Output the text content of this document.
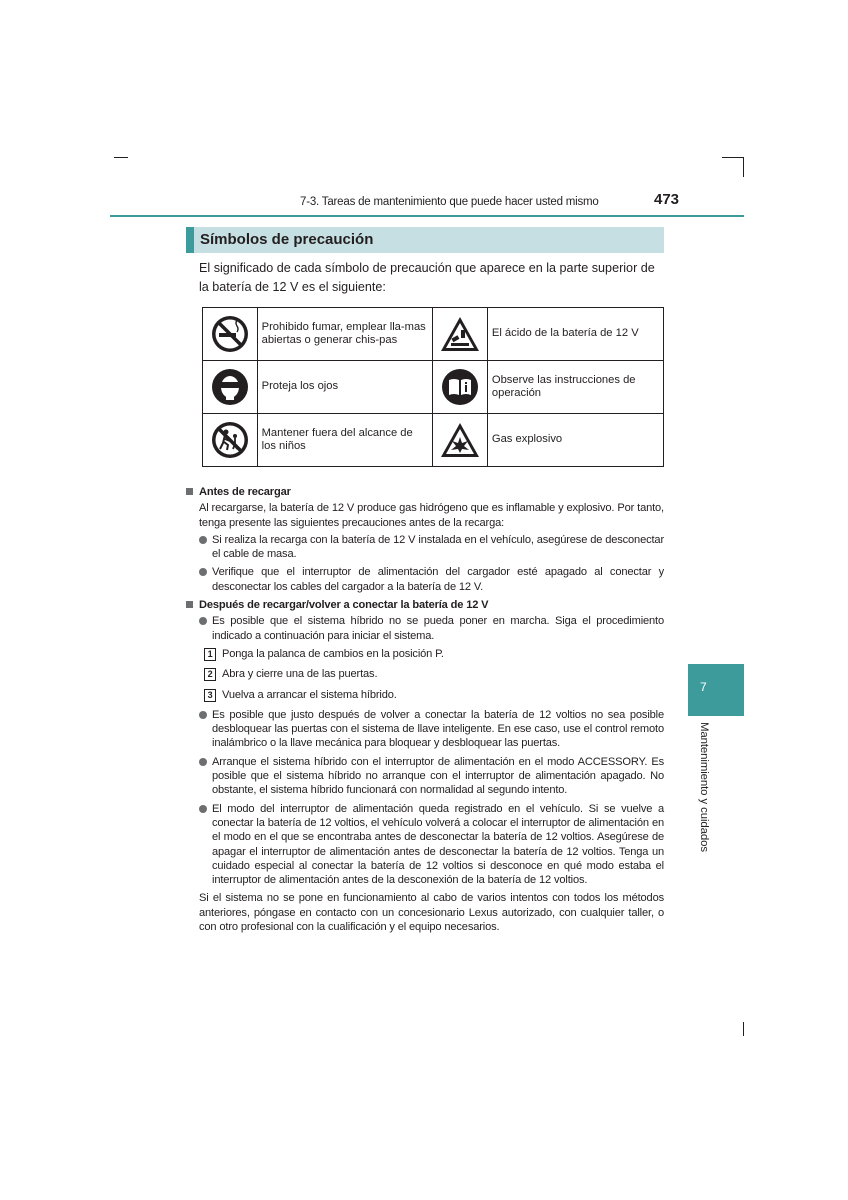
7-3. Tareas de mantenimiento que puede hacer usted mismo	473
Símbolos de precaución
El significado de cada símbolo de precaución que aparece en la parte superior de la batería de 12 V es el siguiente:
	Prohibido fumar, emplear lla-mas abiertas o generar chis-pas		El ácido de la batería de 12 V

	Proteja los ojos		Observe las instrucciones de operación

	Mantener fuera del alcance de los niños		Gas explosivo
Antes de recargar
Al recargarse, la batería de 12 V produce gas hidrógeno que es inflamable y explosivo. Por tanto, tenga presente las siguientes precauciones antes de la recarga:
Si realiza la recarga con la batería de 12 V instalada en el vehículo, asegúrese de desconectar el cable de masa.
Verifique que el interruptor de alimentación del cargador esté apagado al conectar y desconectar los cables del cargador a la batería de 12 V.
Después de recargar/volver a conectar la batería de 12 V
Es posible que el sistema híbrido no se pueda poner en marcha. Siga el procedimiento indicado a continuación para iniciar el sistema.
1 Ponga la palanca de cambios en la posición P.
2 Abra y cierre una de las puertas.
3 Vuelva a arrancar el sistema híbrido.
Es posible que justo después de volver a conectar la batería de 12 voltios no sea posible desbloquear las puertas con el sistema de llave inteligente. En ese caso, use el control remoto inalámbrico o la llave mecánica para bloquear y desbloquear las puertas.
Arranque el sistema híbrido con el interruptor de alimentación en el modo ACCESSORY. Es posible que el sistema híbrido no arranque con el interruptor de alimentación apagado. No obstante, el sistema híbrido funcionará con normalidad al segundo intento.
El modo del interruptor de alimentación queda registrado en el vehículo. Si se vuelve a conectar la batería de 12 voltios, el vehículo volverá a colocar el interruptor de alimentación en el modo en el que se encontraba antes de desconectar la batería de 12 voltios. Asegúrese de apagar el interruptor de alimentación antes de desconectar la batería de 12 voltios. Tenga un cuidado especial al conectar la batería de 12 voltios si desconoce en qué modo estaba el interruptor de alimentación antes de la desconexión de la batería de 12 voltios.
Si el sistema no se pone en funcionamiento al cabo de varios intentos con todos los métodos anteriores, póngase en contacto con un concesionario Lexus autorizado, con cualquier taller, o con otro profesional con la cualificación y el equipo necesarios.
7
Mantenimiento y cuidados
